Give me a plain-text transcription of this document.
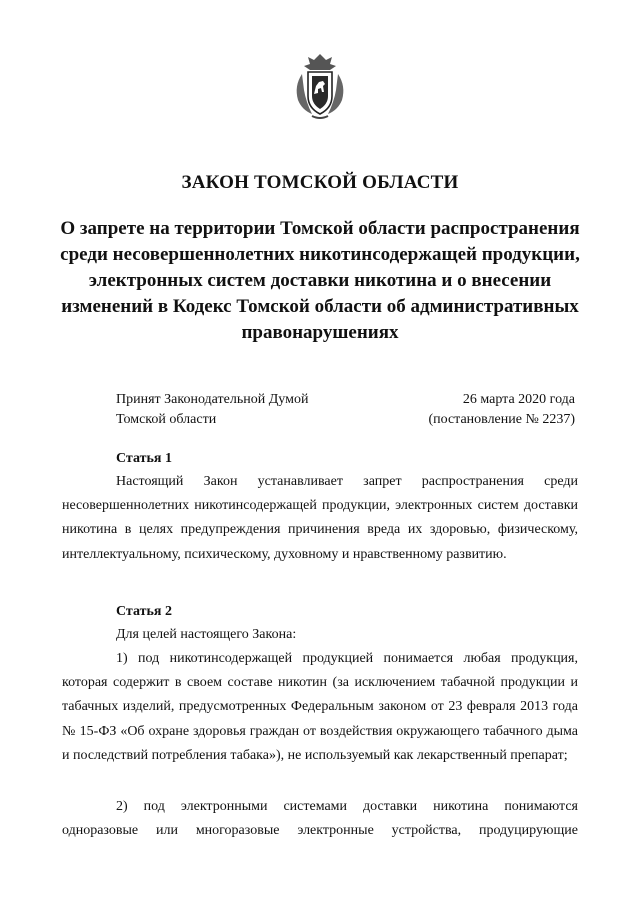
ЗАКОН ТОМСКОЙ ОБЛАСТИ
О запрете на территории Томской области распространения среди несовершеннолетних никотинсодержащей продукции, электронных систем доставки никотина и о внесении изменений в Кодекс Томской области об административных правонарушениях
Принят Законодательной Думой
Томской области
26 марта 2020 года
(постановление № 2237)
Статья 1
Настоящий Закон устанавливает запрет распространения среди несовершеннолетних никотинсодержащей продукции, электронных систем доставки никотина в целях предупреждения причинения вреда их здоровью, физическому, интеллектуальному, психическому, духовному и нравственному развитию.
Статья 2
Для целей настоящего Закона:
1) под никотинсодержащей продукцией понимается любая продукция, которая содержит в своем составе никотин (за исключением табачной продукции и табачных изделий, предусмотренных Федеральным законом от 23 февраля 2013 года № 15-ФЗ «Об охране здоровья граждан от воздействия окружающего табачного дыма и последствий потребления табака»), не используемый как лекарственный препарат;
2) под электронными системами доставки никотина понимаются
одноразовые или многоразовые электронные устройства, продуцирующие
